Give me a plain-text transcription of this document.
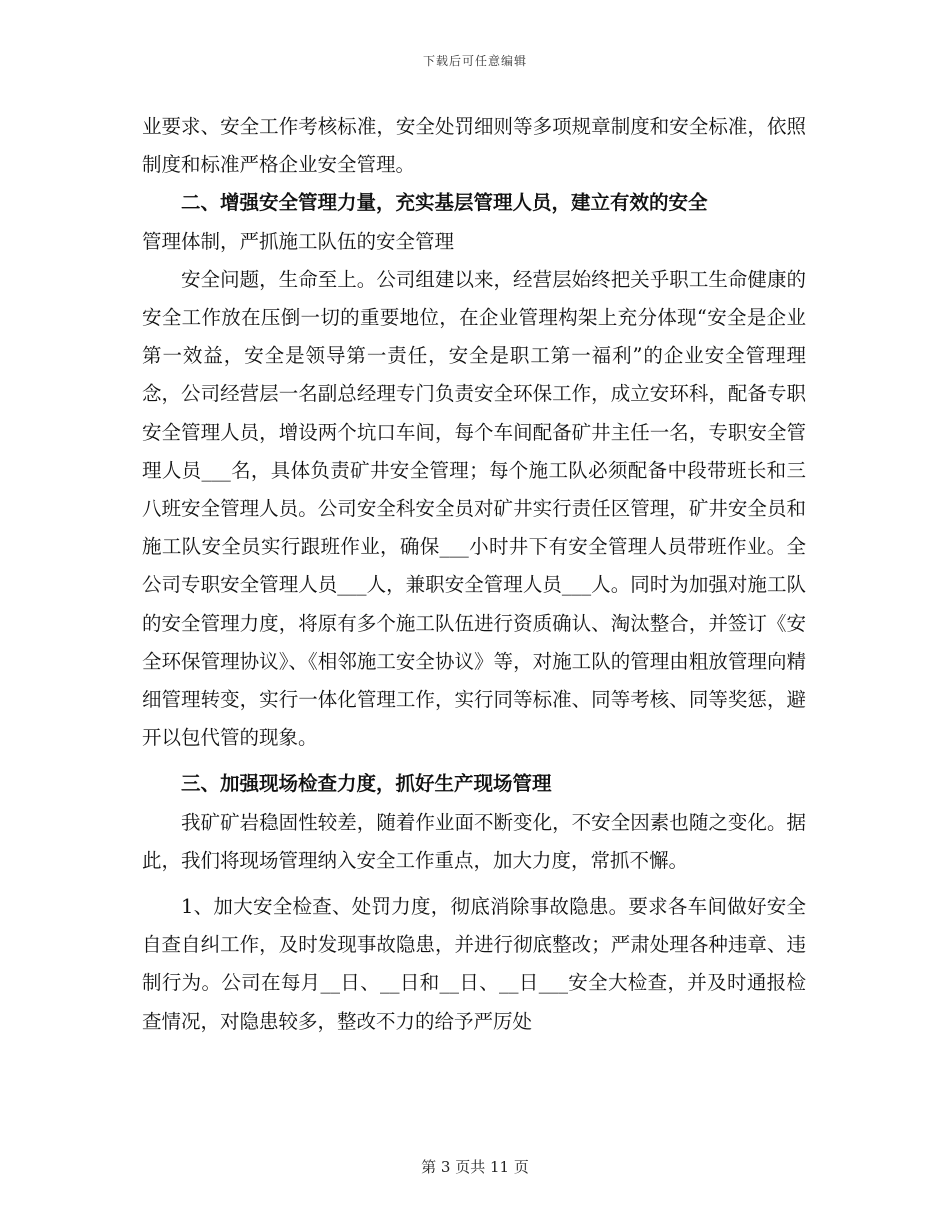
下载后可任意编辑

业要求、安全工作考核标准，安全处罚细则等多项规章制度和安全标准，依照制度和标准严格企业安全管理。

二、增强安全管理力量，充实基层管理人员，建立有效的安全

管理体制，严抓施工队伍的安全管理

安全问题，生命至上。公司组建以来，经营层始终把关乎职工生命健康的安全工作放在压倒一切的重要地位，在企业管理构架上充分体现“安全是企业第一效益，安全是领导第一责任，安全是职工第一福利”的企业安全管理理念，公司经营层一名副总经理专门负责安全环保工作，成立安环科，配备专职安全管理人员，增设两个坑口车间，每个车间配备矿井主任一名，专职安全管理人员___名，具体负责矿井安全管理；每个施工队必须配备中段带班长和三八班安全管理人员。公司安全科安全员对矿井实行责任区管理，矿井安全员和施工队安全员实行跟班作业，确保___小时井下有安全管理人员带班作业。全公司专职安全管理人员___人，兼职安全管理人员___人。同时为加强对施工队的安全管理力度，将原有多个施工队伍进行资质确认、淘汰整合，并签订《安全环保管理协议》、《相邻施工安全协议》等，对施工队的管理由粗放管理向精细管理转变，实行一体化管理工作，实行同等标准、同等考核、同等奖惩，避开以包代管的现象。

三、加强现场检查力度，抓好生产现场管理

我矿矿岩稳固性较差，随着作业面不断变化，不安全因素也随之变化。据此，我们将现场管理纳入安全工作重点，加大力度，常抓不懈。

1、加大安全检查、处罚力度，彻底消除事故隐患。要求各车间做好安全自查自纠工作，及时发现事故隐患，并进行彻底整改；严肃处理各种违章、违制行为。公司在每月__日、__日和__日、__日___安全大检查，并及时通报检查情况，对隐患较多，整改不力的给予严厉处

第 3 页共 11 页
